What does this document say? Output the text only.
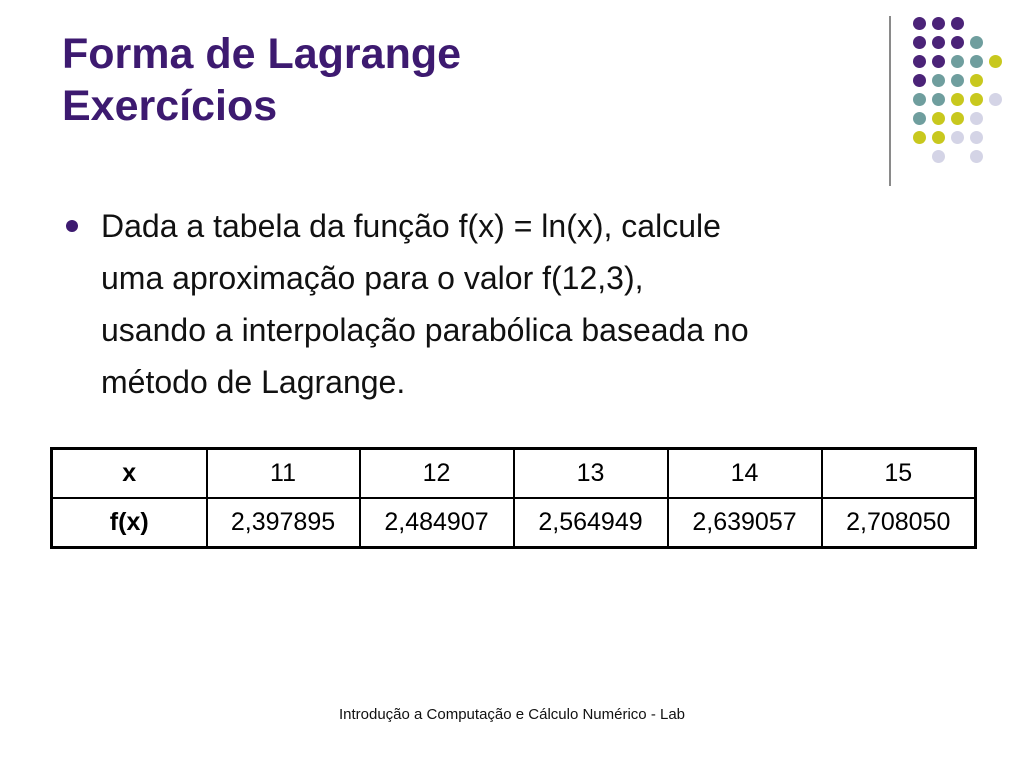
Forma de Lagrange
Exercícios
Dada a tabela da função f(x) = ln(x), calcule
uma aproximação para o valor f(12,3),
usando a interpolação parabólica baseada no
método de Lagrange.
x	11	12	13	14	15
f(x)	2,397895	2,484907	2,564949	2,639057	2,708050
Introdução a Computação e Cálculo Numérico - Lab
